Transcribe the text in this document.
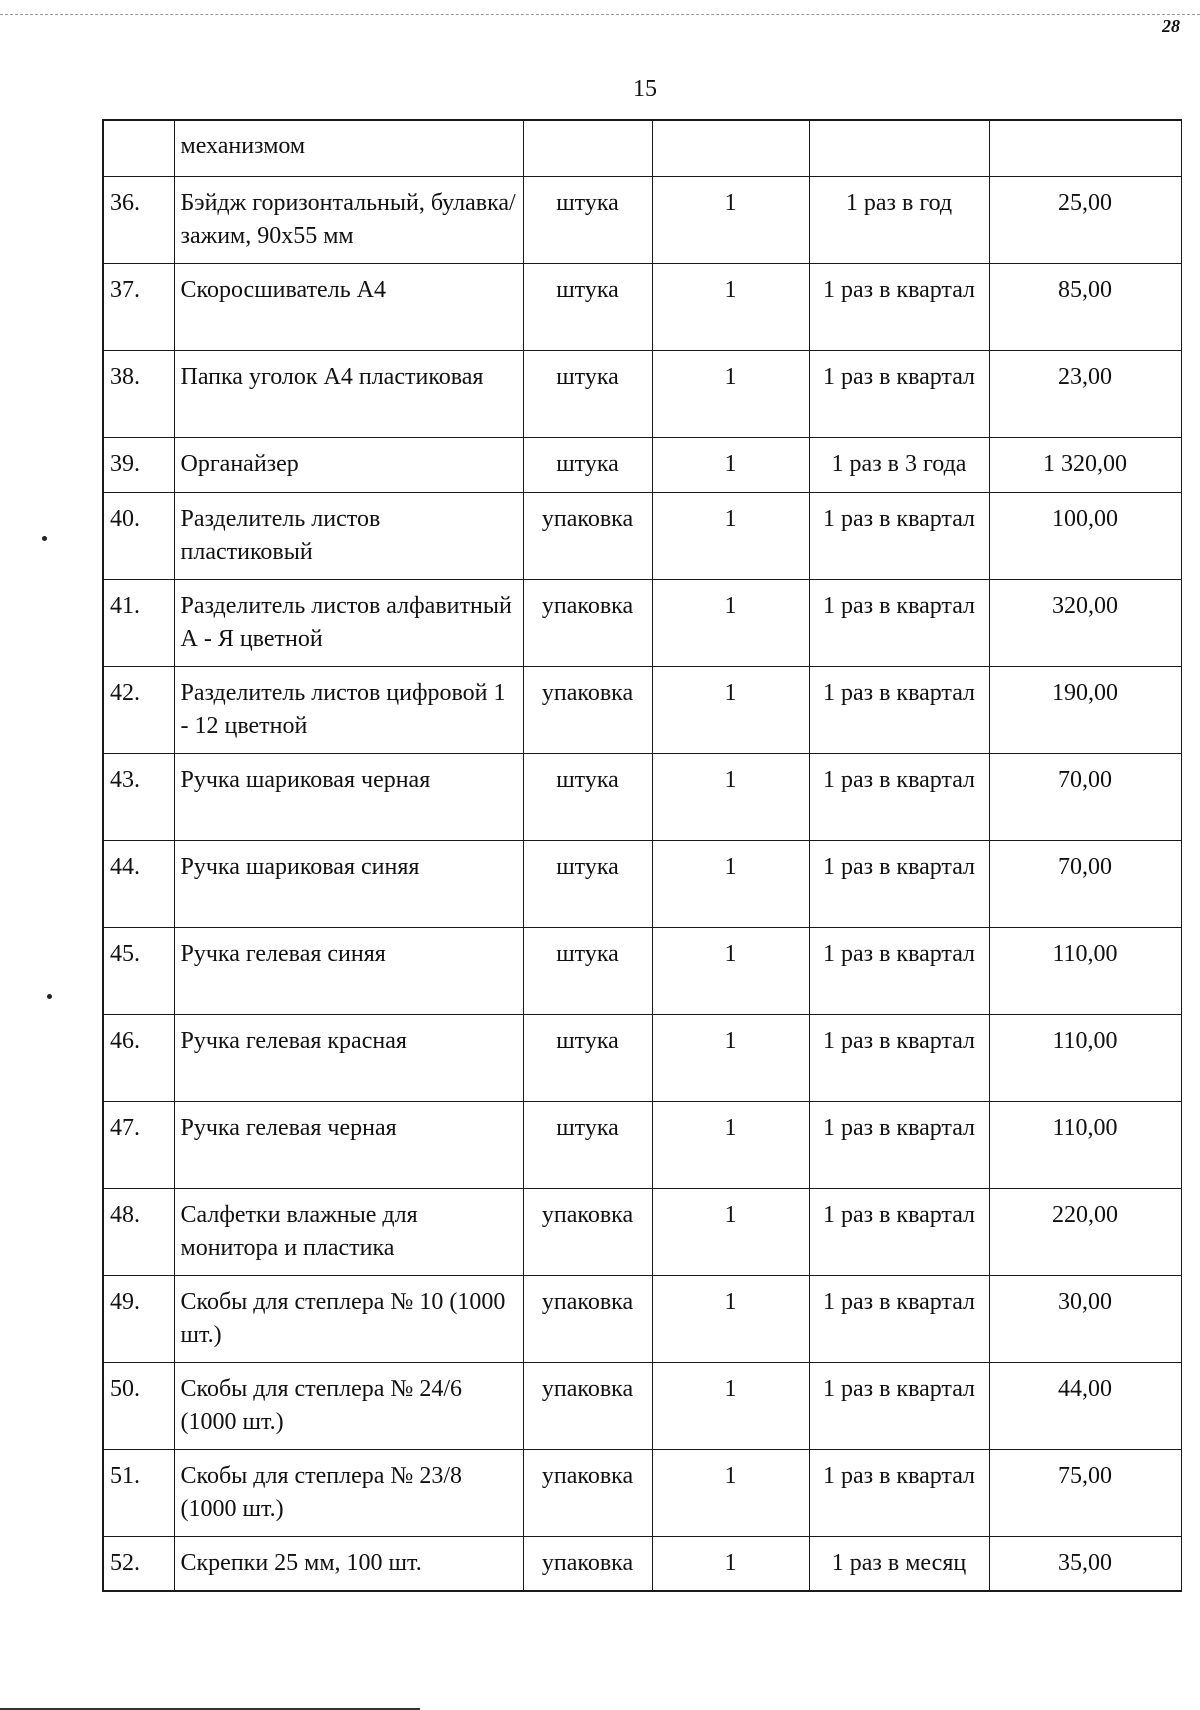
28
15
	механизмом				
36.	Бэйдж горизонтальный, булавка/зажим, 90х55 мм	штука	1	1 раз в год	25,00
37.	Скоросшиватель А4	штука	1	1 раз в квартал	85,00
38.	Папка уголок А4 пластиковая	штука	1	1 раз в квартал	23,00
39.	Органайзер	штука	1	1 раз в 3 года	1 320,00
40.	Разделитель листов пластиковый	упаковка	1	1 раз в квартал	100,00
41.	Разделитель листов алфавитный А - Я цветной	упаковка	1	1 раз в квартал	320,00
42.	Разделитель листов цифровой 1 - 12 цветной	упаковка	1	1 раз в квартал	190,00
43.	Ручка шариковая черная	штука	1	1 раз в квартал	70,00
44.	Ручка шариковая синяя	штука	1	1 раз в квартал	70,00
45.	Ручка гелевая синяя	штука	1	1 раз в квартал	110,00
46.	Ручка гелевая красная	штука	1	1 раз в квартал	110,00
47.	Ручка гелевая черная	штука	1	1 раз в квартал	110,00
48.	Салфетки влажные для монитора и пластика	упаковка	1	1 раз в квартал	220,00
49.	Скобы для степлера № 10 (1000 шт.)	упаковка	1	1 раз в квартал	30,00
50.	Скобы для степлера № 24/6 (1000 шт.)	упаковка	1	1 раз в квартал	44,00
51.	Скобы для степлера № 23/8 (1000 шт.)	упаковка	1	1 раз в квартал	75,00
52.	Скрепки 25 мм, 100 шт.	упаковка	1	1 раз в месяц	35,00
